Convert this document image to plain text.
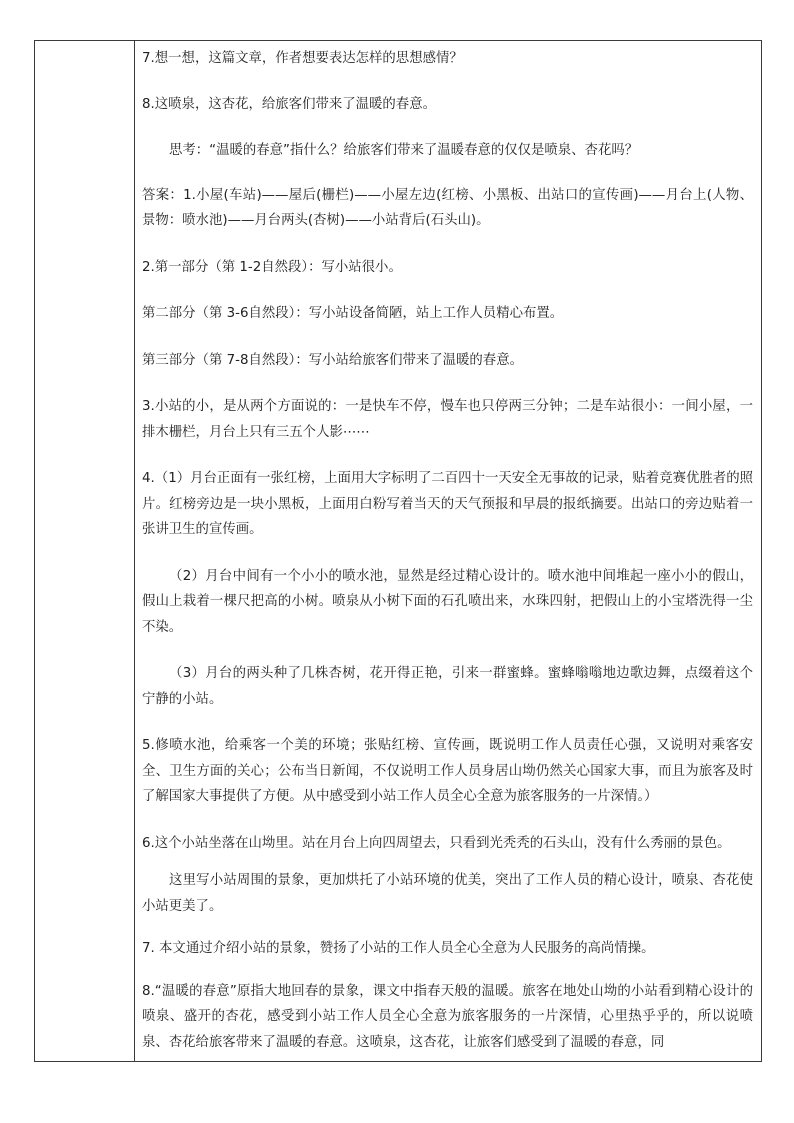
7.想一想，这篇文章，作者想要表达怎样的思想感情？

8.这喷泉，这杏花，给旅客们带来了温暖的春意。

思考：“温暖的春意”指什么？给旅客们带来了温暖春意的仅仅是喷泉、杏花吗？

答案：1.小屋(车站)——屋后(栅栏)——小屋左边(红榜、小黑板、出站口的宣传画)——月台上(人物、景物：喷水池)——月台两头(杏树)——小站背后(石头山)。

2.第一部分（第 1-2自然段）：写小站很小。

第二部分（第 3-6自然段）：写小站设备简陋，站上工作人员精心布置。

第三部分（第 7-8自然段）：写小站给旅客们带来了温暖的春意。

3.小站的小，是从两个方面说的：一是快车不停，慢车也只停两三分钟；二是车站很小：一间小屋，一排木栅栏，月台上只有三五个人影⋯⋯

4.（1）月台正面有一张红榜，上面用大字标明了二百四十一天安全无事故的记录，贴着竞赛优胜者的照片。红榜旁边是一块小黑板，上面用白粉写着当天的天气预报和早晨的报纸摘要。出站口的旁边贴着一张讲卫生的宣传画。

（2）月台中间有一个小小的喷水池，显然是经过精心设计的。喷水池中间堆起一座小小的假山，假山上栽着一棵尺把高的小树。喷泉从小树下面的石孔喷出来，水珠四射，把假山上的小宝塔洗得一尘不染。

（3）月台的两头种了几株杏树，花开得正艳，引来一群蜜蜂。蜜蜂嗡嗡地边歌边舞，点缀着这个宁静的小站。

5.修喷水池，给乘客一个美的环境；张贴红榜、宣传画，既说明工作人员责任心强，又说明对乘客安全、卫生方面的关心；公布当日新闻，不仅说明工作人员身居山坳仍然关心国家大事，而且为旅客及时了解国家大事提供了方便。从中感受到小站工作人员全心全意为旅客服务的一片深情。）

6.这个小站坐落在山坳里。站在月台上向四周望去，只看到光秃秃的石头山，没有什么秀丽的景色。

这里写小站周围的景象，更加烘托了小站环境的优美，突出了工作人员的精心设计，喷泉、杏花使小站更美了。

7. 本文通过介绍小站的景象，赞扬了小站的工作人员全心全意为人民服务的高尚情操。

8.“温暖的春意”原指大地回春的景象，课文中指春天般的温暖。旅客在地处山坳的小站看到精心设计的喷泉、盛开的杏花，感受到小站工作人员全心全意为旅客服务的一片深情，心里热乎乎的，所以说喷泉、杏花给旅客带来了温暖的春意。这喷泉，这杏花，让旅客们感受到了温暖的春意，同
